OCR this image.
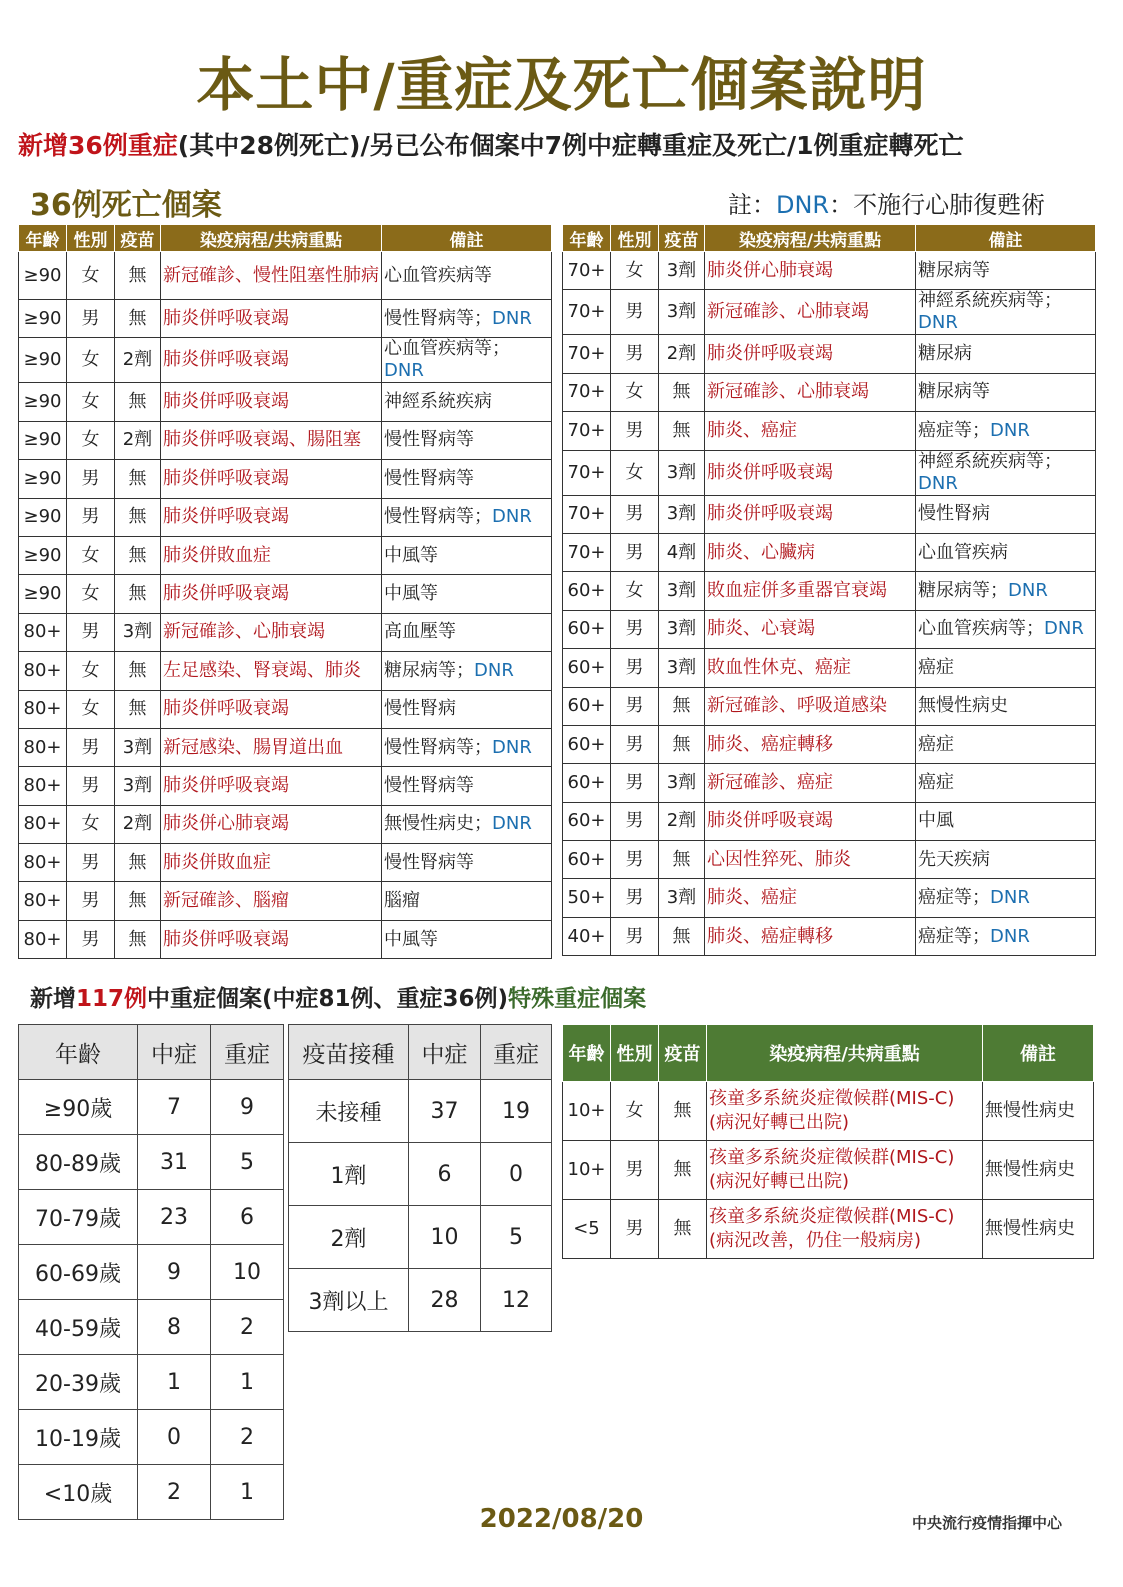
本土中/重症及死亡個案說明
新增36例重症(其中28例死亡)/另已公布個案中7例中症轉重症及死亡/1例重症轉死亡
36例死亡個案	註：DNR：不施行心肺復甦術
年齡	性別	疫苗	染疫病程/共病重點	備註
≥90	女	無	新冠確診、慢性阻塞性肺病	心血管疾病等
≥90	男	無	肺炎併呼吸衰竭	慢性腎病等；DNR
≥90	女	2劑	肺炎併呼吸衰竭	心血管疾病等；DNR
≥90	女	無	肺炎併呼吸衰竭	神經系統疾病
≥90	女	2劑	肺炎併呼吸衰竭、腸阻塞	慢性腎病等
≥90	男	無	肺炎併呼吸衰竭	慢性腎病等
≥90	男	無	肺炎併呼吸衰竭	慢性腎病等；DNR
≥90	女	無	肺炎併敗血症	中風等
≥90	女	無	肺炎併呼吸衰竭	中風等
80+	男	3劑	新冠確診、心肺衰竭	高血壓等
80+	女	無	左足感染、腎衰竭、肺炎	糖尿病等；DNR
80+	女	無	肺炎併呼吸衰竭	慢性腎病
80+	男	3劑	新冠感染、腸胃道出血	慢性腎病等；DNR
80+	男	3劑	肺炎併呼吸衰竭	慢性腎病等
80+	女	2劑	肺炎併心肺衰竭	無慢性病史；DNR
80+	男	無	肺炎併敗血症	慢性腎病等
80+	男	無	新冠確診、腦瘤	腦瘤
80+	男	無	肺炎併呼吸衰竭	中風等
年齡	性別	疫苗	染疫病程/共病重點	備註
70+	女	3劑	肺炎併心肺衰竭	糖尿病等
70+	男	3劑	新冠確診、心肺衰竭	神經系統疾病等；DNR
70+	男	2劑	肺炎併呼吸衰竭	糖尿病
70+	女	無	新冠確診、心肺衰竭	糖尿病等
70+	男	無	肺炎、癌症	癌症等；DNR
70+	女	3劑	肺炎併呼吸衰竭	神經系統疾病等；DNR
70+	男	3劑	肺炎併呼吸衰竭	慢性腎病
70+	男	4劑	肺炎、心臟病	心血管疾病
60+	女	3劑	敗血症併多重器官衰竭	糖尿病等；DNR
60+	男	3劑	肺炎、心衰竭	心血管疾病等；DNR
60+	男	3劑	敗血性休克、癌症	癌症
60+	男	無	新冠確診、呼吸道感染	無慢性病史
60+	男	無	肺炎、癌症轉移	癌症
60+	男	3劑	新冠確診、癌症	癌症
60+	男	2劑	肺炎併呼吸衰竭	中風
60+	男	無	心因性猝死、肺炎	先天疾病
50+	男	3劑	肺炎、癌症	癌症等；DNR
40+	男	無	肺炎、癌症轉移	癌症等；DNR
新增117例中重症個案(中症81例、重症36例)特殊重症個案
年齡	中症	重症
≥90歲	7	9
80-89歲	31	5
70-79歲	23	6
60-69歲	9	10
40-59歲	8	2
20-39歲	1	1
10-19歲	0	2
<10歲	2	1
疫苗接種	中症	重症
未接種	37	19
1劑	6	0
2劑	10	5
3劑以上	28	12
年齡	性別	疫苗	染疫病程/共病重點	備註
10+	女	無	孩童多系統炎症徵候群(MIS-C)
(病況好轉已出院)	無慢性病史
10+	男	無	孩童多系統炎症徵候群(MIS-C)
(病況好轉已出院)	無慢性病史
<5	男	無	孩童多系統炎症徵候群(MIS-C)
(病況改善，仍住一般病房)	無慢性病史
2022/08/20	中央流行疫情指揮中心
